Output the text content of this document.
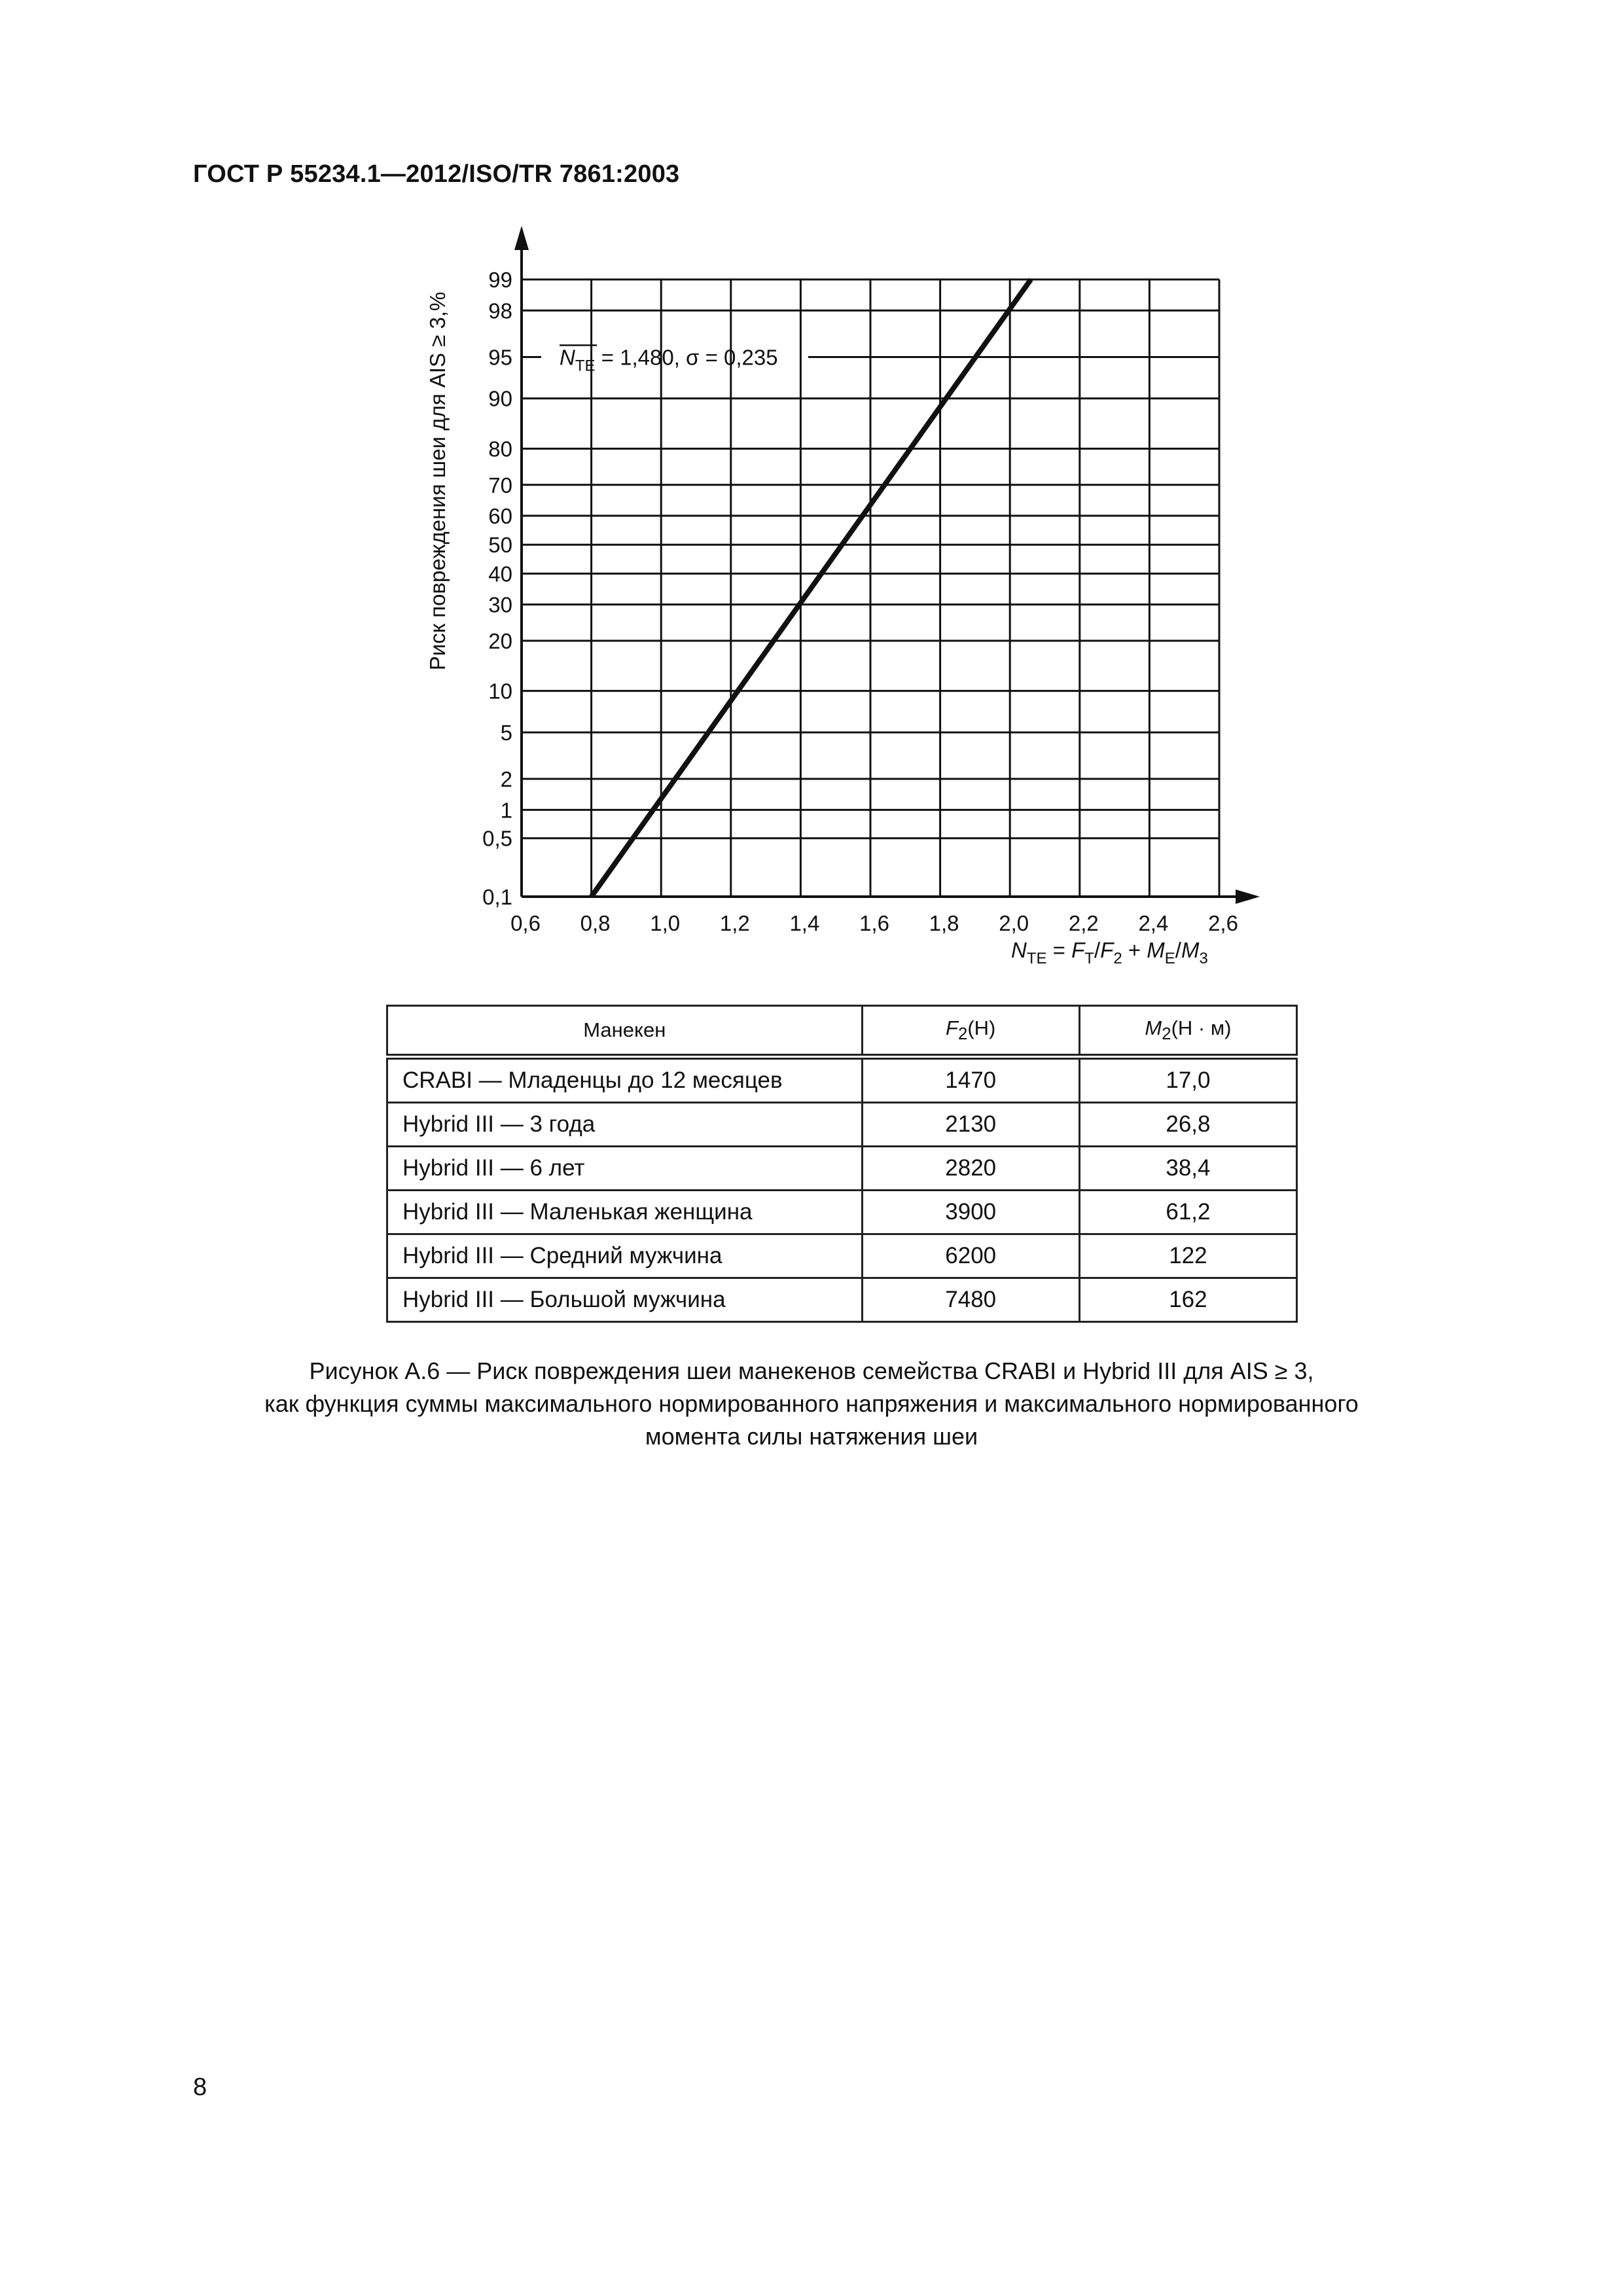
ГОСТ Р 55234.1—2012/ISO/TR 7861:2003
0,6 0,8 1,0 1,2 1,4 1,6 1,8 2,0 2,2 2,4 2,6
0,1
0,5
1
2
5
10
20
30
40
50
60
70
80
90
95
98
99
$N_{TE} = 1,480$, σ = 0,235
Риск повреждения шеи для AIS ≥ 3,%
$N_{TE} = F_T/F_2 + M_E/M_3$
Манекен	$F_2(Н)$	$M_2(Н \cdot м)$
CRABI — Младенцы до 12 месяцев	1470	17,0
Hybrid III — 3 года	2130	26,8
Hybrid III — 6 лет	2820	38,4
Hybrid III — Маленькая женщина	3900	61,2
Hybrid III — Средний мужчина	6200	122
Hybrid III — Большой мужчина	7480	162
Рисунок А.6 — Риск повреждения шеи манекенов семейства CRABI и Hybrid III для AIS ≥ 3,
как функция суммы максимального нормированного напряжения и максимального нормированного
момента силы натяжения шеи
8
